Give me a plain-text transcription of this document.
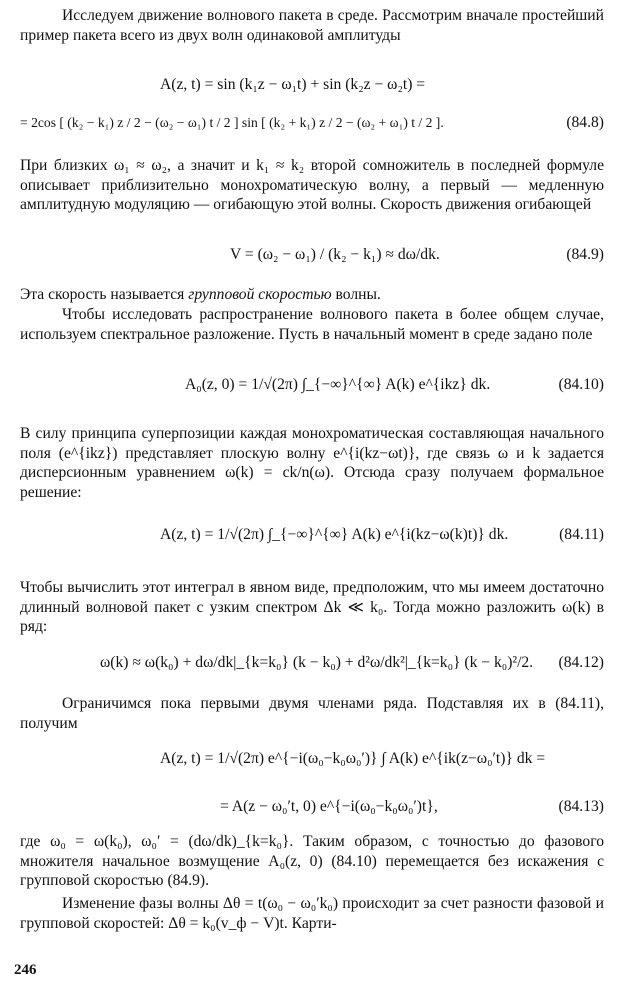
Исследуем движение волнового пакета в среде. Рассмотрим вначале простейший пример пакета всего из двух волн одинаковой амплитуды

A(z, t) = sin (k₁z − ω₁t) + sin (k₂z − ω₂t) =
= 2cos [ (k₂ − k₁) z / 2 − (ω₂ − ω₁) t / 2 ] sin [ (k₂ + k₁) z / 2 − (ω₂ + ω₁) t / 2 ].	(84.8)

При близких ω₁ ≈ ω₂, а значит и k₁ ≈ k₂ второй сомножитель в последней формуле описывает приблизительно монохроматическую волну, а первый — медленную амплитудную модуляцию — огибающую этой волны. Скорость движения огибающей

V = (ω₂ − ω₁) / (k₂ − k₁) ≈ dω/dk.	(84.9)

Эта скорость называется групповой скоростью волны.

Чтобы исследовать распространение волнового пакета в более общем случае, используем спектральное разложение. Пусть в начальный момент в среде задано поле

A₀(z, 0) = 1/√(2π) ∫_{−∞}^{∞} A(k) e^{ikz} dk.	(84.10)

В силу принципа суперпозиции каждая монохроматическая составляющая начального поля (e^{ikz}) представляет плоскую волну e^{i(kz−ωt)}, где связь ω и k задается дисперсионным уравнением ω(k) = ck/n(ω). Отсюда сразу получаем формальное решение:

A(z, t) = 1/√(2π) ∫_{−∞}^{∞} A(k) e^{i(kz−ω(k)t)} dk.	(84.11)

Чтобы вычислить этот интеграл в явном виде, предположим, что мы имеем достаточно длинный волновой пакет с узким спектром Δk ≪ k₀. Тогда можно разложить ω(k) в ряд:

ω(k) ≈ ω(k₀) + dω/dk|_{k=k₀} (k − k₀) + d²ω/dk²|_{k=k₀} (k − k₀)²/2. (84.12)

Ограничимся пока первыми двумя членами ряда. Подставляя их в (84.11), получим

A(z, t) = 1/√(2π) e^{−i(ω₀−k₀ω₀′)} ∫ A(k) e^{ik(z−ω₀′t)} dk =
= A(z − ω₀′t, 0) e^{−i(ω₀−k₀ω₀′)t},	(84.13)

где ω₀ = ω(k₀), ω₀′ = (dω/dk)_{k=k₀}. Таким образом, с точностью до фазового множителя начальное возмущение A₀(z, 0) (84.10) перемещается без искажения с групповой скоростью (84.9).

Изменение фазы волны Δθ = t(ω₀ − ω₀′k₀) происходит за счет разности фазовой и групповой скоростей: Δθ = k₀(v_ф − V)t. Карти-

246
